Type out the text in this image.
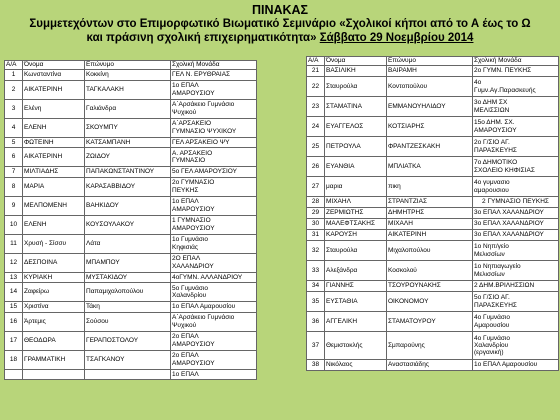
ΠΙΝΑΚΑΣ
Συμμετεχόντων στο Επιμορφωτικό Βιωματικό Σεμινάριο «Σχολικοί κήποι από το Α έως το Ω
και πράσινη σχολική επιχειρηματικότητα» Σάββατο 29 Νοεμβρίου 2014
Α/Α	Όνομα	Επώνυμο	Σχολική Μονάδα
1	Κωνσταντίνα	Κοκκίνη	ΓΕΛ Ν. ΕΡΥΘΡΑΙΑΣ

2	ΑΙΚΑΤΕΡΙΝΗ	ΤΑΓΚΑΛΑΚΗ	1ο ΕΠΑΛ
ΑΜΑΡΟΥΣΙΟΥ

3	Ελένη	Γαλιάνδρα	Α΄Αρσάκειο Γυμνάσιο
Ψυχικού

4	ΕΛΕΝΗ	ΣΚΟΥΜΠΥ	Α΄ΑΡΣΑΚΕΙΟ
ΓΥΜΝΑΣΙΟ ΨΥΧΙΚΟΥ

5	ΦΩΤΕΙΝΗ	ΚΑΤΣΑΜΠΑΝΗ	ΓΕΛ ΑΡΣΑΚΕΙΟ ΨΥ

6	ΑΙΚΑΤΕΡΙΝΗ	ΖΩΙΔΟΥ	Α. ΑΡΣΑΚΕΙΟ
ΓΥΜΝΑΣΙΟ

7	ΜΙΛΤΙΑΔΗΣ	ΠΑΠΑΚΩΝΣΤΑΝΤΙΝΟΥ	5ο ΓΕΛ ΑΜΑΡΟΥΣΙΟΥ

8	ΜΑΡΙΑ	ΚΑΡΑΣΑΒΒΙΔΟΥ	2ο ΓΥΜΝΑΣΙΟ
ΠΕΥΚΗΣ

9	ΜΕΛΠΟΜΕΝΗ	ΒΑΗΚΙΔΟΥ	1ο ΕΠΑΛ
ΑΜΑΡΟΥΣΙΟΥ

10	ΕΛΕΝΗ	ΚΟΥΣΟΥΛΑΚΟΥ	1 ΓΥΜΝΑΣΙΟ
ΑΜΑΡΟΥΣΙΟΥ

11	Χρυσή - Σίσσυ	Λάτα	1ο Γυμνάσιο
Κηφισιάς

12	ΔΕΣΠΟΙΝΑ	ΜΠΑΜΠΟΥ	2Ο ΕΠΑΛ
ΧΑΛΑΝΔΡΙΟΥ

13	ΚΥΡΙΑΚΗ	ΜΥΣΤΑΚΙΔΟΥ	4οΓΥΜΝ. ΑΛΛΑΝΔΡΙΟΥ

14	Ζαφείρω	Παπαμιχαλοπούλου	5ο Γυμνάσιο
Χαλανδρίου

15	Χριστίνα	Τάκη	1ο ΕΠΑΛ Αμαρουσίου

16	Άρτεμις	Σούσου	Α΄Αρσάκειο Γυμνάσιο
Ψυχικού

17	ΘΕΟΔΩΡΑ	ΓΕΡΑΠΟΣΤΟΛΟΥ	2ο ΕΠΑΛ
ΑΜΑΡΟΥΣΙΟΥ

18	ΓΡΑΜΜΑΤΙΚΗ	ΤΣΑΓΚΑΝΟΥ	2ο ΕΠΑΛ
ΑΜΑΡΟΥΣΙΟΥ

			1ο ΕΠΑΛ
Α/Α	Όνομα	Επώνυμο	Σχολική Μονάδα
21	ΒΑΣΙΛΙΚΗ	ΒΑΙΡΑΜΗ	2ο ΓΥΜΝ. ΠΕΥΚΗΣ

22	Σταυρούλα	Κοντοπούλου	4ο
Γυμν.Αγ.Παρασκευής

23	ΣΤΑΜΑΤΙΝΑ	ΕΜΜΑΝΟΥΗΛΙΔΟΥ	3ο ΔΗΜ ΣΧ
ΜΕΛΙΣΣΙΩΝ

24	ΕΥΑΓΓΕΛΟΣ	ΚΟΤΣΙΑΡΗΣ	15ο ΔΗΜ. ΣΧ.
ΑΜΑΡΟΥΣΙΟΥ

25	ΠΕΤΡΟΥΛΑ	ΦΡΑΝΤΖΕΣΚΑΚΗ	2ο Γ/ΣΙΟ ΑΓ.
ΠΑΡΑΣΚΕΥΗΣ

26	ΕΥΑΝΘΙΑ	ΜΠΛΙΑΤΚΑ	7ο ΔΗΜΟΤΙΚΟ
ΣΧΟΛΕΙΟ ΚΗΦΙΣΙΑΣ

27	μαρια	πικη	4ο γυμνασιο
αμαρουσιου

28	ΜΙΧΑΗΛ	ΣΤΡΑΝΤΖΙΑΣ	2 ΓΥΜΝΑΣΙΟ ΠΕΥΚΗΣ

29	ΖΕΡΜΙΩΤΗΣ	ΔΗΜΗΤΡΗΣ	3ο ΕΠΑΛ ΧΑΛΑΝΔΡΙΟΥ

30	ΜΑΛΕΦΤΣΑΚΗΣ	ΜΙΧΑΛΗ	3ο ΕΠΑΛ ΧΑΛΑΝΔΡΙΟΥ

31	ΚΑΡΟΥΣΗ	ΑΙΚΑΤΕΡΙΝΗ	3ο ΕΠΑΛ ΧΑΛΑΝΔΡΙΟΥ

32	Σταυρούλα	Μιχαλοπούλου	1ο Νηπ/γείο
Μελισσίων

33	Αλεξάνδρα	Κοσκολού	1ο Νηπιαγωγείο
Μελισσίων

34	ΓΙΑΝΝΗΣ	ΤΣΟΥΡΟΥΝΑΚΗΣ	2 ΔΗΜ.ΒΡΙΛΗΣΣΙΩΝ

35	ΕΥΣΤΑΘΙΑ	ΟΙΚΟΝΟΜΟΥ	5ο Γ/ΣΙΟ ΑΓ.
ΠΑΡΑΣΚΕΥΗΣ

36	ΑΓΓΕΛΙΚΗ	ΣΤΑΜΑΤΟΥΡΟΥ	4ο Γυμνάσιο
Αμαρουσίου

37	Θεμιστοκλής	Σμπαρούνης	4ο Γυμνάσιο
Χαλανδρίου
(εργανική)

38	Νικόλαος	Αναστασιάδης	1ο ΕΠΑΛ Αμαρουσίου
